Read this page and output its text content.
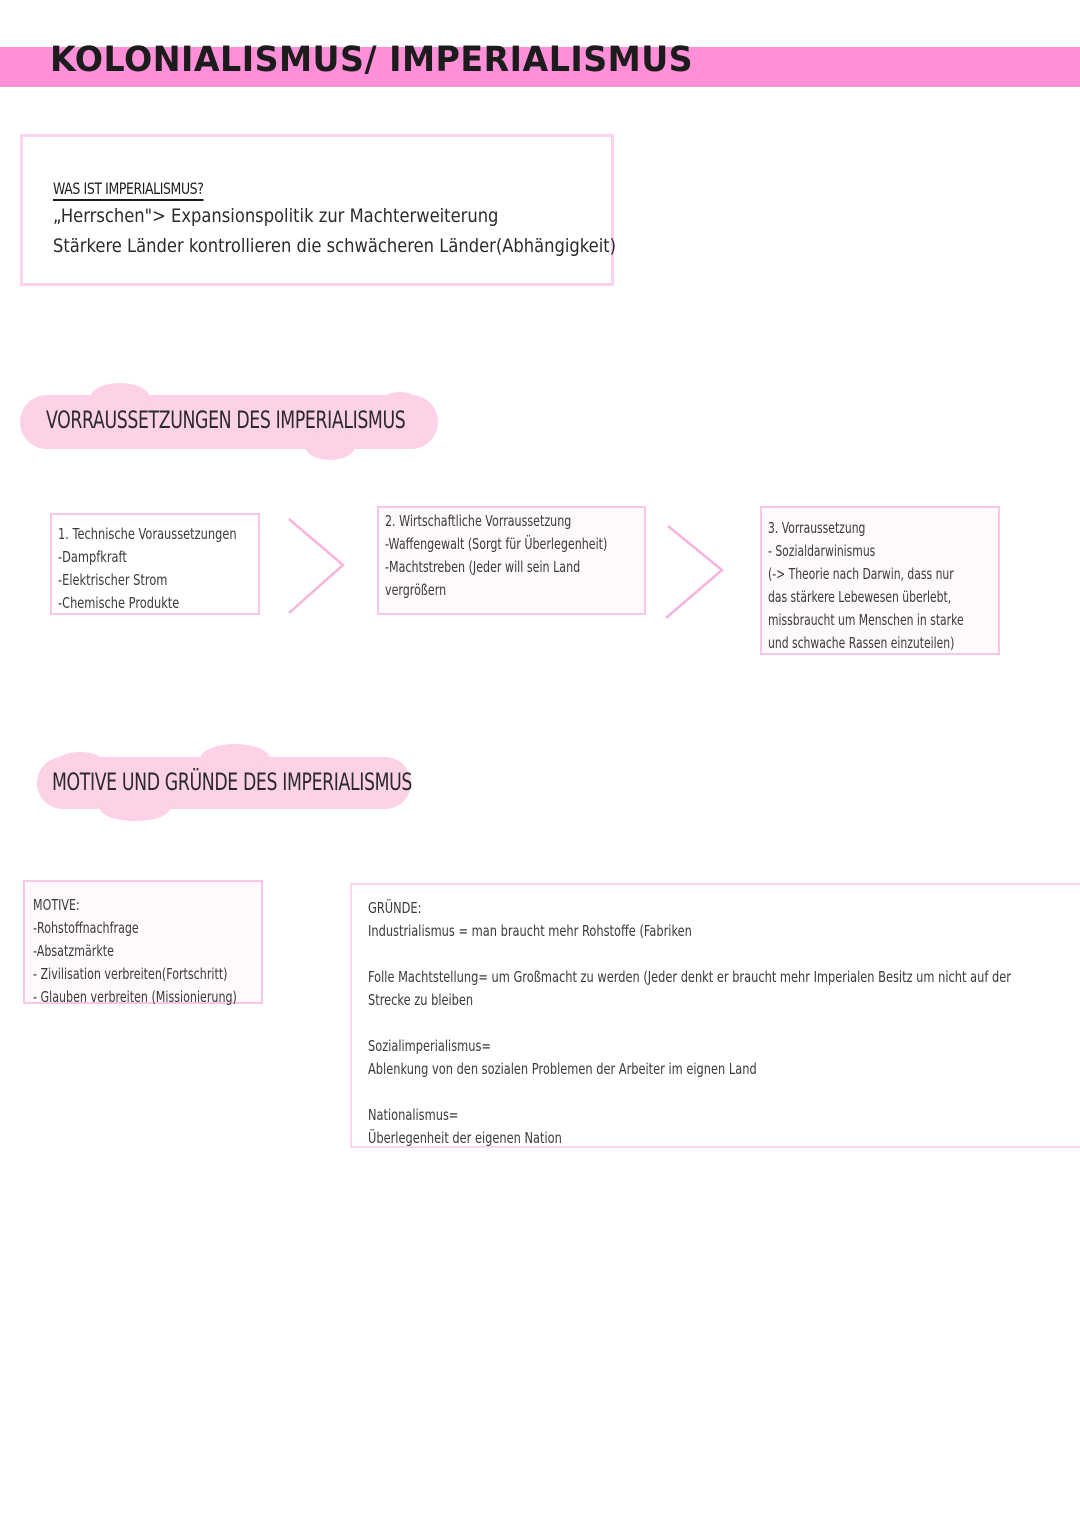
KOLONIALISMUS/ IMPERIALISMUS
WAS IST IMPERIALISMUS?
„Herrschen"> Expansionspolitik zur Machterweiterung
Stärkere Länder kontrollieren die schwächeren Länder(Abhängigkeit)
VORRAUSSETZUNGEN DES IMPERIALISMUS
1. Technische Voraussetzungen
-Dampfkraft
-Elektrischer Strom
-Chemische Produkte
2. Wirtschaftliche Vorraussetzung
-Waffengewalt (Sorgt für Überlegenheit)
-Machtstreben (Jeder will sein Land
vergrößern
3. Vorraussetzung
- Sozialdarwinismus
(-> Theorie nach Darwin, dass nur
das stärkere Lebewesen überlebt,
missbraucht um Menschen in starke
und schwache Rassen einzuteilen)
MOTIVE UND GRÜNDE DES IMPERIALISMUS
MOTIVE:
-Rohstoffnachfrage
-Absatzmärkte
- Zivilisation verbreiten(Fortschritt)
- Glauben verbreiten (Missionierung)
GRÜNDE:
Industrialismus = man braucht mehr Rohstoffe (Fabriken
Folle Machtstellung= um Großmacht zu werden (Jeder denkt er braucht mehr Imperialen Besitz um nicht auf der
Strecke zu bleiben
Sozialimperialismus=
Ablenkung von den sozialen Problemen der Arbeiter im eignen Land
Nationalismus=
Überlegenheit der eigenen Nation
